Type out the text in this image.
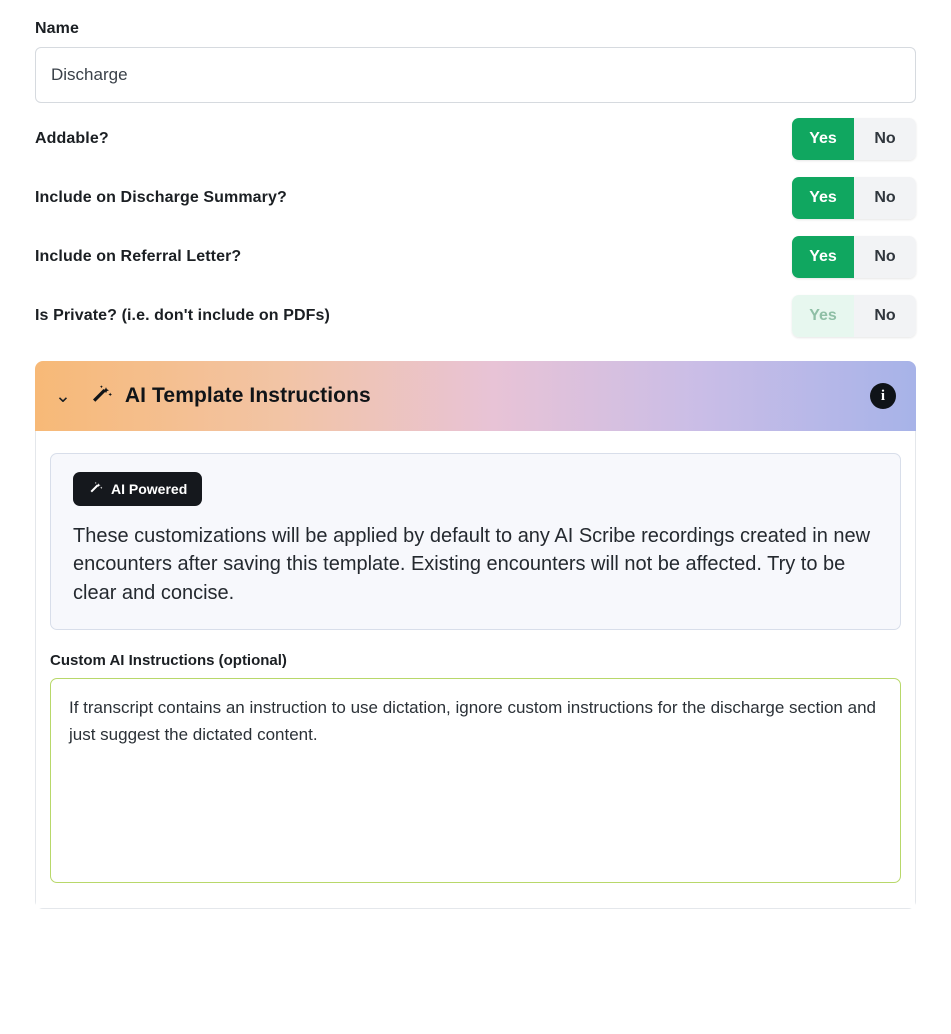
Name
Discharge
Addable?	Yes	No
Include on Discharge Summary?	Yes	No
Include on Referral Letter?	Yes	No
Is Private? (i.e. don't include on PDFs)	Yes	No
⌄	AI Template Instructions	i
AI Powered
These customizations will be applied by default to any AI Scribe recordings created in new encounters after saving this template. Existing encounters will not be affected. Try to be clear and concise.
Custom AI Instructions (optional)
If transcript contains an instruction to use dictation, ignore custom instructions for the discharge section and just suggest the dictated content.
